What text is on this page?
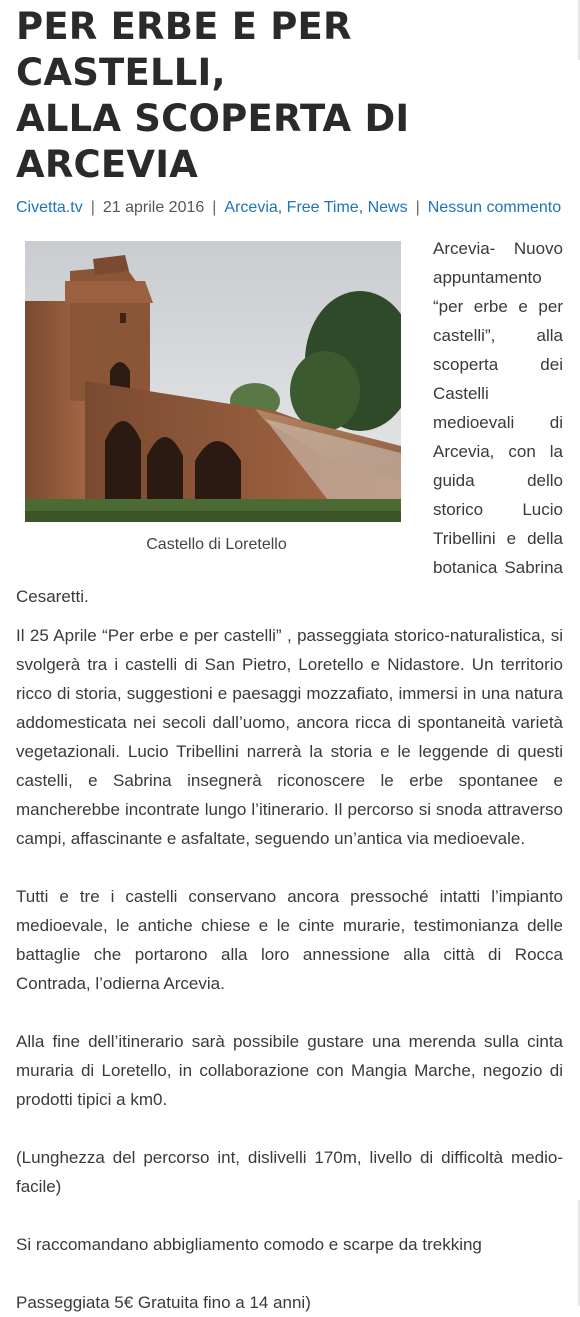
PER ERBE E PER CASTELLI,
ALLA SCOPERTA DI ARCEVIA
Civetta.tv | 21 aprile 2016 | Arcevia, Free Time, News | Nessun commento
Castello di Loretello

Arcevia- Nuovo appuntamento “per erbe e per castelli”, alla scoperta dei Castelli medioevali di Arcevia, con la guida dello storico Lucio Tribellini e della botanica Sabrina Cesaretti.

Il 25 Aprile “Per erbe e per castelli” , passeggiata storico-naturalistica, si svolgerà tra i castelli di San Pietro, Loretello e Nidastore. Un territorio ricco di storia, suggestioni e paesaggi mozzafiato, immersi in una natura addomesticata nei secoli dall’uomo, ancora ricca di spontaneità varietà vegetazionali. Lucio Tribellini narrerà la storia e le leggende di questi castelli, e Sabrina insegnerà riconoscere le erbe spontanee e mancherebbe incontrate lungo l’itinerario. Il percorso si snoda attraverso campi, affascinante e asfaltate, seguendo un’antica via medioevale.

Tutti e tre i castelli conservano ancora pressoché intatti l’impianto medioevale, le antiche chiese e le cinte murarie, testimonianza delle battaglie che portarono alla loro annessione alla città di Rocca Contrada, l’odierna Arcevia.

Alla fine dell’itinerario sarà possibile gustare una merenda sulla cinta muraria di Loretello, in collaborazione con Mangia Marche, negozio di prodotti tipici a km0.

(Lunghezza del percorso int, dislivelli 170m, livello di difficoltà medio-facile)

Si raccomandano abbigliamento comodo e scarpe da trekking

Passeggiata 5€ Gratuita fino a 14 anni)
